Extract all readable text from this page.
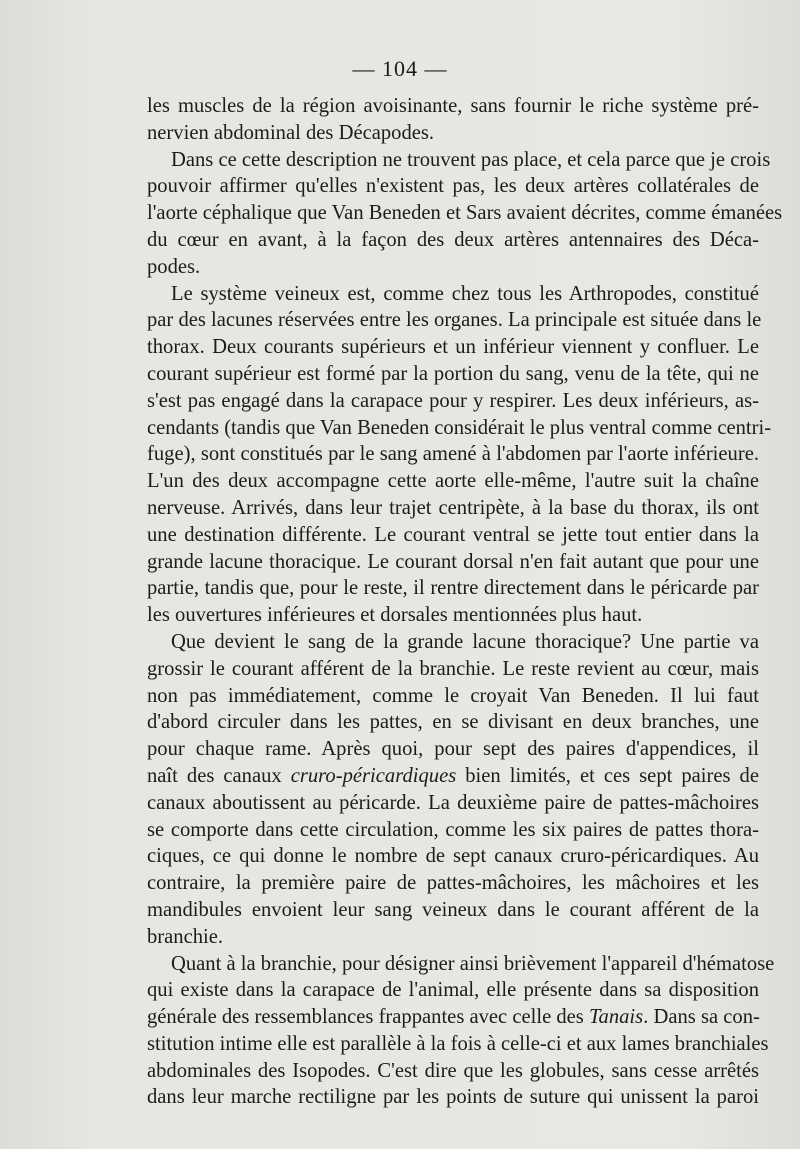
— 104 —
les muscles de la région avoisinante, sans fournir le riche système pré-
nervien abdominal des Décapodes.
Dans ce cette description ne trouvent pas place, et cela parce que je crois
pouvoir affirmer qu'elles n'existent pas, les deux artères collatérales de
l'aorte céphalique que Van Beneden et Sars avaient décrites, comme émanées
du cœur en avant, à la façon des deux artères antennaires des Déca-
podes.
Le système veineux est, comme chez tous les Arthropodes, constitué
par des lacunes réservées entre les organes. La principale est située dans le
thorax. Deux courants supérieurs et un inférieur viennent y confluer. Le
courant supérieur est formé par la portion du sang, venu de la tête, qui ne
s'est pas engagé dans la carapace pour y respirer. Les deux inférieurs, as-
cendants (tandis que Van Beneden considérait le plus ventral comme centri-
fuge), sont constitués par le sang amené à l'abdomen par l'aorte inférieure.
L'un des deux accompagne cette aorte elle-même, l'autre suit la chaîne
nerveuse. Arrivés, dans leur trajet centripète, à la base du thorax, ils ont
une destination différente. Le courant ventral se jette tout entier dans la
grande lacune thoracique. Le courant dorsal n'en fait autant que pour une
partie, tandis que, pour le reste, il rentre directement dans le péricarde par
les ouvertures inférieures et dorsales mentionnées plus haut.
Que devient le sang de la grande lacune thoracique? Une partie va
grossir le courant afférent de la branchie. Le reste revient au cœur, mais
non pas immédiatement, comme le croyait Van Beneden. Il lui faut
d'abord circuler dans les pattes, en se divisant en deux branches, une
pour chaque rame. Après quoi, pour sept des paires d'appendices, il
naît des canaux cruro-péricardiques bien limités, et ces sept paires de
canaux aboutissent au péricarde. La deuxième paire de pattes-mâchoires
se comporte dans cette circulation, comme les six paires de pattes thora-
ciques, ce qui donne le nombre de sept canaux cruro-péricardiques. Au
contraire, la première paire de pattes-mâchoires, les mâchoires et les
mandibules envoient leur sang veineux dans le courant afférent de la
branchie.
Quant à la branchie, pour désigner ainsi brièvement l'appareil d'hématose
qui existe dans la carapace de l'animal, elle présente dans sa disposition
générale des ressemblances frappantes avec celle des Tanais. Dans sa con-
stitution intime elle est parallèle à la fois à celle-ci et aux lames branchiales
abdominales des Isopodes. C'est dire que les globules, sans cesse arrêtés
dans leur marche rectiligne par les points de suture qui unissent la paroi
